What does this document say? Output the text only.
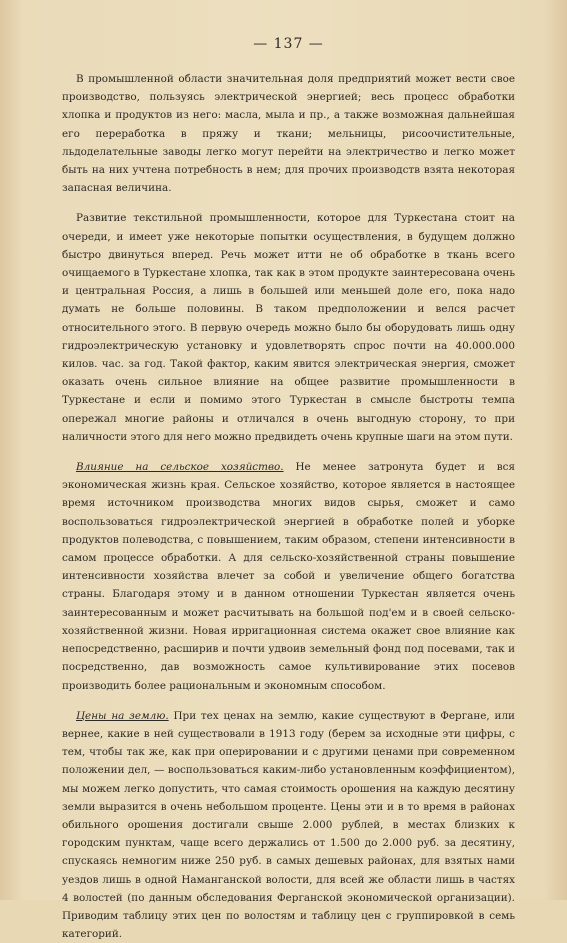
— 137 —

В промышленной области значительная доля предприятий может вести свое производство, пользуясь электрической энергией; весь процесс обработки хлопка и продуктов из него: масла, мыла и пр., а также возможная дальнейшая его переработка в пряжу и ткани; мельницы, рисоочистительные, льдоделательные заводы легко могут перейти на электричество и легко может быть на них учтена потребность в нем; для прочих производств взята некоторая запасная величина.

Развитие текстильной промышленности, которое для Туркестана стоит на очереди, и имеет уже некоторые попытки осуществления, в будущем должно быстро двинуться вперед. Речь может итти не об обработке в ткань всего очищаемого в Туркестане хлопка, так как в этом продукте заинтересована очень и центральная Россия, а лишь в большей или меньшей доле его, пока надо думать не больше половины. В таком предположении и велся расчет относительного этого. В первую очередь можно было бы оборудовать лишь одну гидроэлектрическую установку и удовлетворять спрос почти на 40.000.000 килов. час. за год. Такой фактор, каким явится электрическая энергия, сможет оказать очень сильное влияние на общее развитие промышленности в Туркестане и если и помимо этого Туркестан в смысле быстроты темпа опережал многие районы и отличался в очень выгодную сторону, то при наличности этого для него можно предвидеть очень крупные шаги на этом пути.

Влияние на сельское хозяйство. Не менее затронута будет и вся экономическая жизнь края. Сельское хозяйство, которое является в настоящее время источником производства многих видов сырья, сможет и само воспользоваться гидроэлектрической энергией в обработке полей и уборке продуктов полеводства, с повышением, таким образом, степени интенсивности в самом процессе обработки. А для сельско-хозяйственной страны повышение интенсивности хозяйства влечет за собой и увеличение общего богатства страны. Благодаря этому и в данном отношении Туркестан является очень заинтересованным и может расчитывать на большой под'ем и в своей сельско-хозяйственной жизни. Новая ирригационная система окажет свое влияние как непосредственно, расширив и почти удвоив земельный фонд под посевами, так и посредственно, дав возможность самое культивирование этих посевов производить более рациональным и экономным способом.

Цены на землю. При тех ценах на землю, какие существуют в Фергане, или вернее, какие в ней существовали в 1913 году (берем за исходные эти цифры, с тем, чтобы так же, как при оперировании и с другими ценами при современном положении дел, — воспользоваться каким-либо установленным коэффициентом), мы можем легко допустить, что самая стоимость орошения на каждую десятину земли выразится в очень небольшом проценте. Цены эти и в то время в районах обильного орошения достигали свыше 2.000 рублей, в местах близких к городским пунктам, чаще всего держались от 1.500 до 2.000 руб. за десятину, спускаясь немногим ниже 250 руб. в самых дешевых районах, для взятых нами уездов лишь в одной Наманганской волости, для всей же области лишь в частях 4 волостей (по данным обследования Ферганской экономической организации). Приводим таблицу этих цен по волостям и таблицу цен с группировкой в семь категорий.
